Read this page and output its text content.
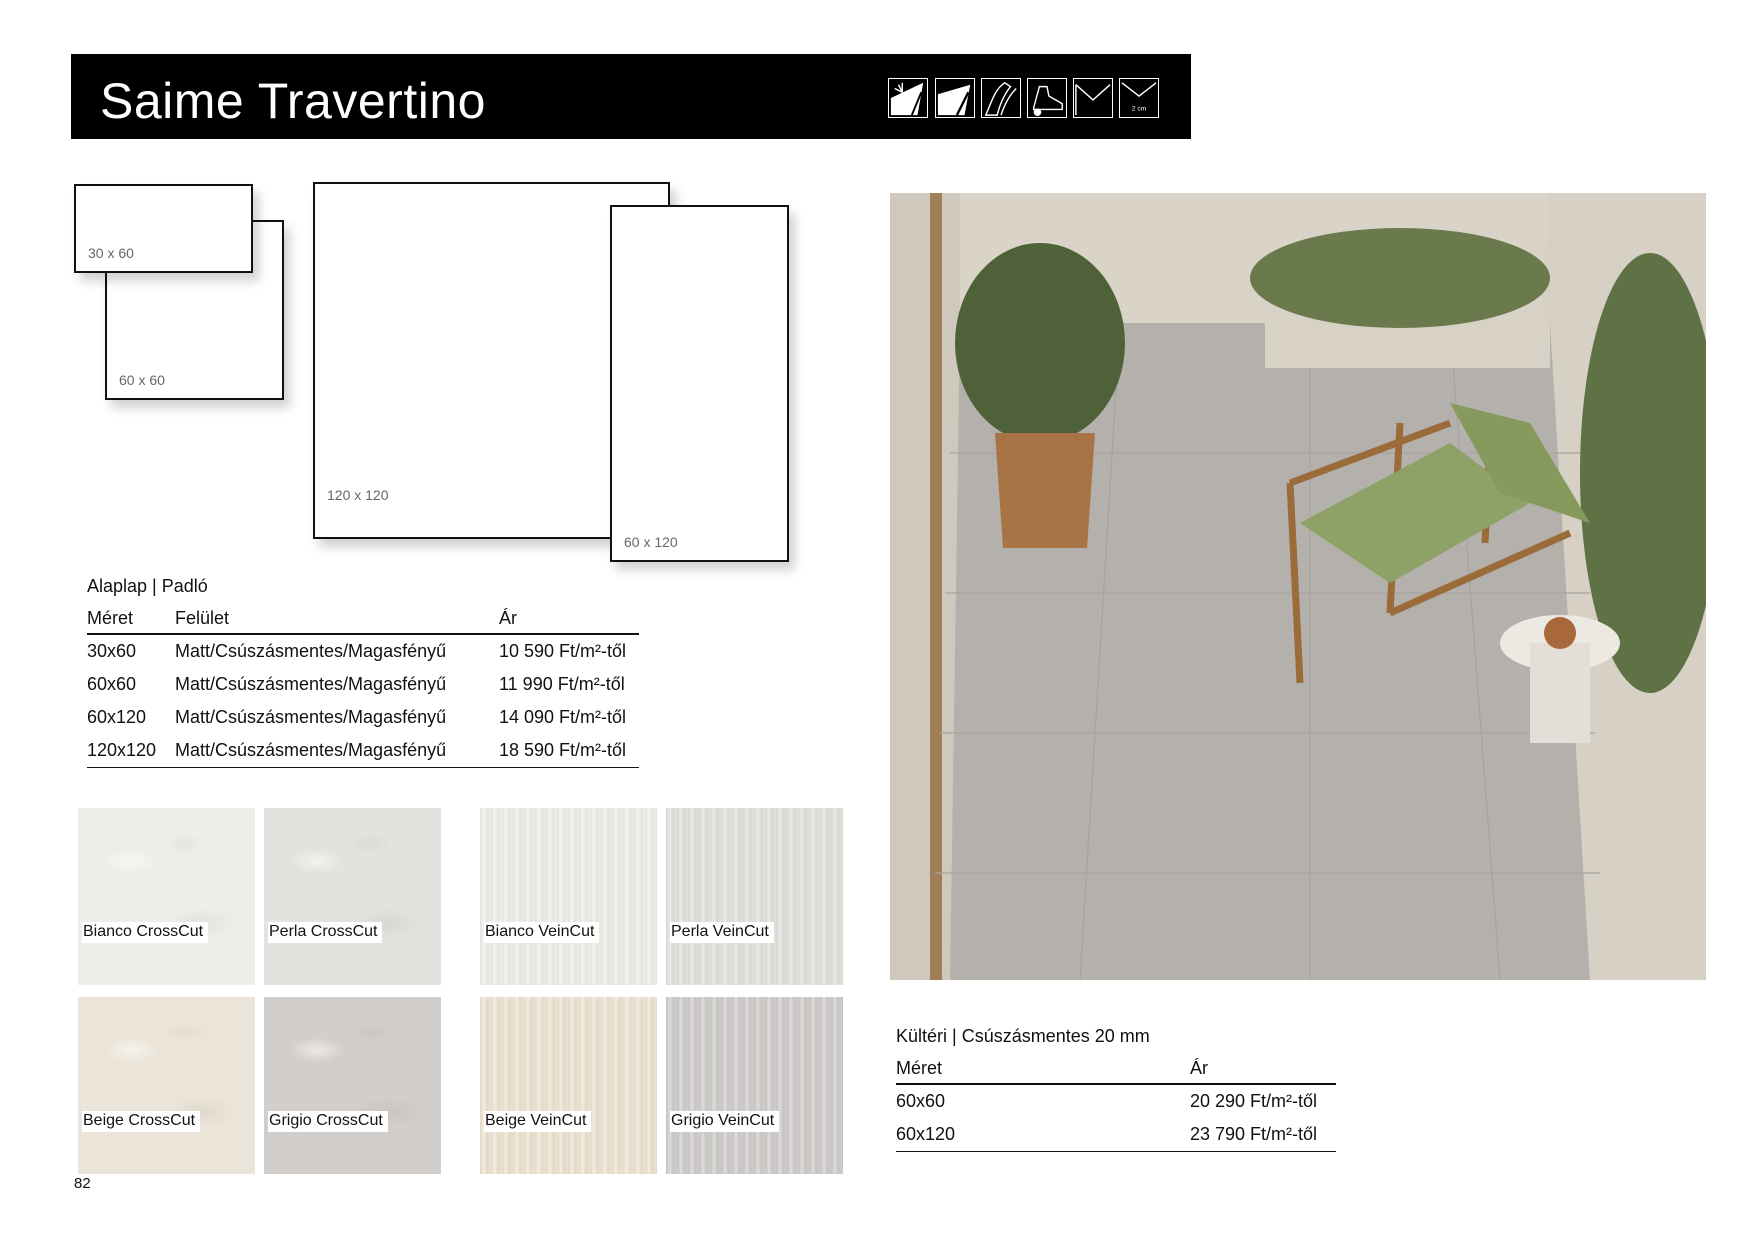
Saime Travertino	2 cm
60 x 60
30 x 60
120 x 120
60 x 120
Alaplap | Padló
Méret	Felület	Ár
30x60	Matt/Csúszásmentes/Magasfényű	10 590 Ft/m²-től
60x60	Matt/Csúszásmentes/Magasfényű	11 990 Ft/m²-től
60x120	Matt/Csúszásmentes/Magasfényű	14 090 Ft/m²-től
120x120	Matt/Csúszásmentes/Magasfényű	18 590 Ft/m²-től
Bianco CrossCut	Perla CrossCut	Bianco VeinCut	Perla VeinCut
Beige CrossCut	Grigio CrossCut	Beige VeinCut	Grigio VeinCut
Kültéri | Csúszásmentes 20 mm
Méret	Ár
60x60	20 290 Ft/m²-től
60x120	23 790 Ft/m²-től
82
